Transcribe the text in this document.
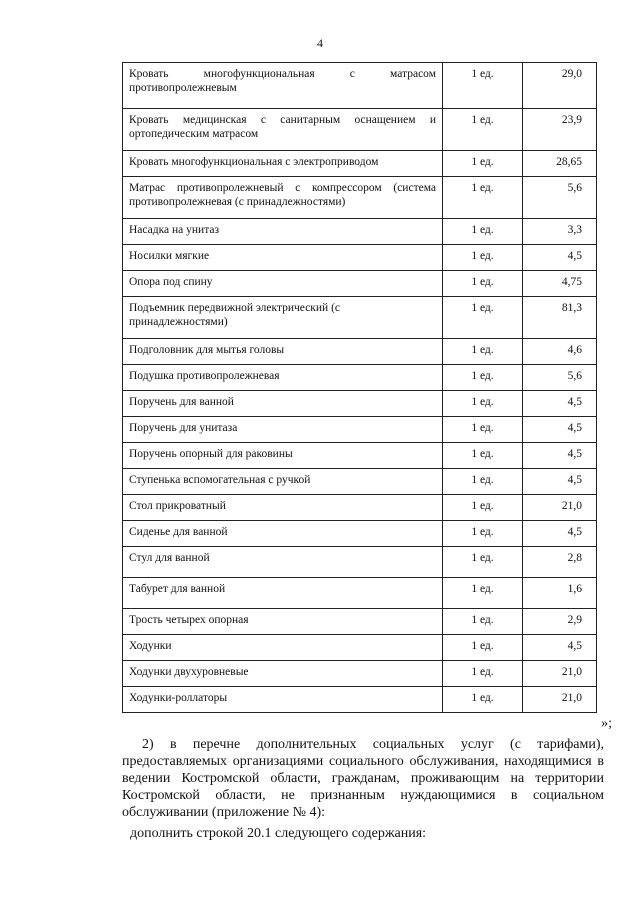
4
Кровать многофункциональная с матрасом противопролежневым	1 ед.	29,0
Кровать медицинская с санитарным оснащением и ортопедическим матрасом	1 ед.	23,9
Кровать многофункциональная с электроприводом	1 ед.	28,65
Матрас противопролежневый с компрессором (система противопролежневая (с принадлежностями)	1 ед.	5,6
Насадка на унитаз	1 ед.	3,3
Носилки мягкие	1 ед.	4,5
Опора под спину	1 ед.	4,75
Подъемник передвижной электрический (с принадлежностями)	1 ед.	81,3
Подголовник для мытья головы	1 ед.	4,6
Подушка противопролежневая	1 ед.	5,6
Поручень для ванной	1 ед.	4,5
Поручень для унитаза	1 ед.	4,5
Поручень опорный для раковины	1 ед.	4,5
Ступенька вспомогательная с ручкой	1 ед.	4,5
Стол прикроватный	1 ед.	21,0
Сиденье для ванной	1 ед.	4,5
Стул для ванной	1 ед.	2,8
Табурет для ванной	1 ед.	1,6
Трость четырех опорная	1 ед.	2,9
Ходунки	1 ед.	4,5
Ходунки двухуровневые	1 ед.	21,0
Ходунки-роллаторы	1 ед.	21,0
»;

2) в перечне дополнительных социальных услуг (с тарифами), предоставляемых организациями социального обслуживания, находящимися в ведении Костромской области, гражданам, проживающим на территории Костромской области, не признанным нуждающимися в социальном обслуживании (приложение № 4):

дополнить строкой 20.1 следующего содержания:
